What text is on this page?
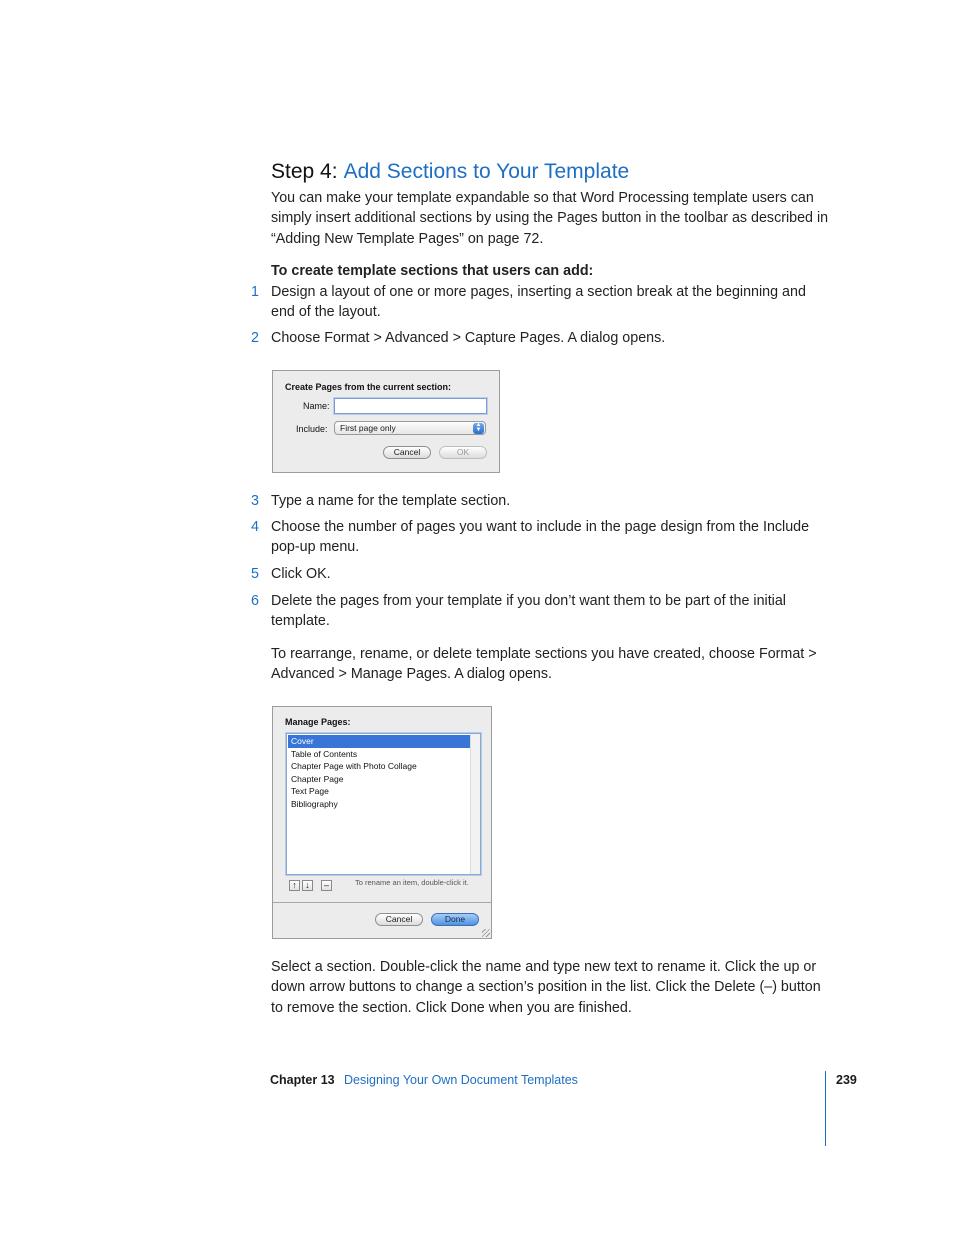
Step 4: Add Sections to Your Template
You can make your template expandable so that Word Processing template users can simply insert additional sections by using the Pages button in the toolbar as described in “Adding New Template Pages” on page 72.
To create template sections that users can add:
1 Design a layout of one or more pages, inserting a section break at the beginning and end of the layout.
2 Choose Format > Advanced > Capture Pages. A dialog opens.
Create Pages from the current section:
Name:
Include:	First page only	▲
▼
Cancel	OK
3 Type a name for the template section.
4 Choose the number of pages you want to include in the page design from the Include pop-up menu.
5 Click OK.
6 Delete the pages from your template if you don’t want them to be part of the initial template.
To rearrange, rename, or delete template sections you have created, choose Format > Advanced > Manage Pages. A dialog opens.
Manage Pages:
Cover
Table of Contents
Chapter Page with Photo Collage
Chapter Page
Text Page
Bibliography
↑ ↓	–	To rename an item, double-click it.
Cancel	Done
Select a section. Double-click the name and type new text to rename it. Click the up or down arrow buttons to change a section’s position in the list. Click the Delete (–) button to remove the section. Click Done when you are finished.
Chapter 13 Designing Your Own Document Templates	239
